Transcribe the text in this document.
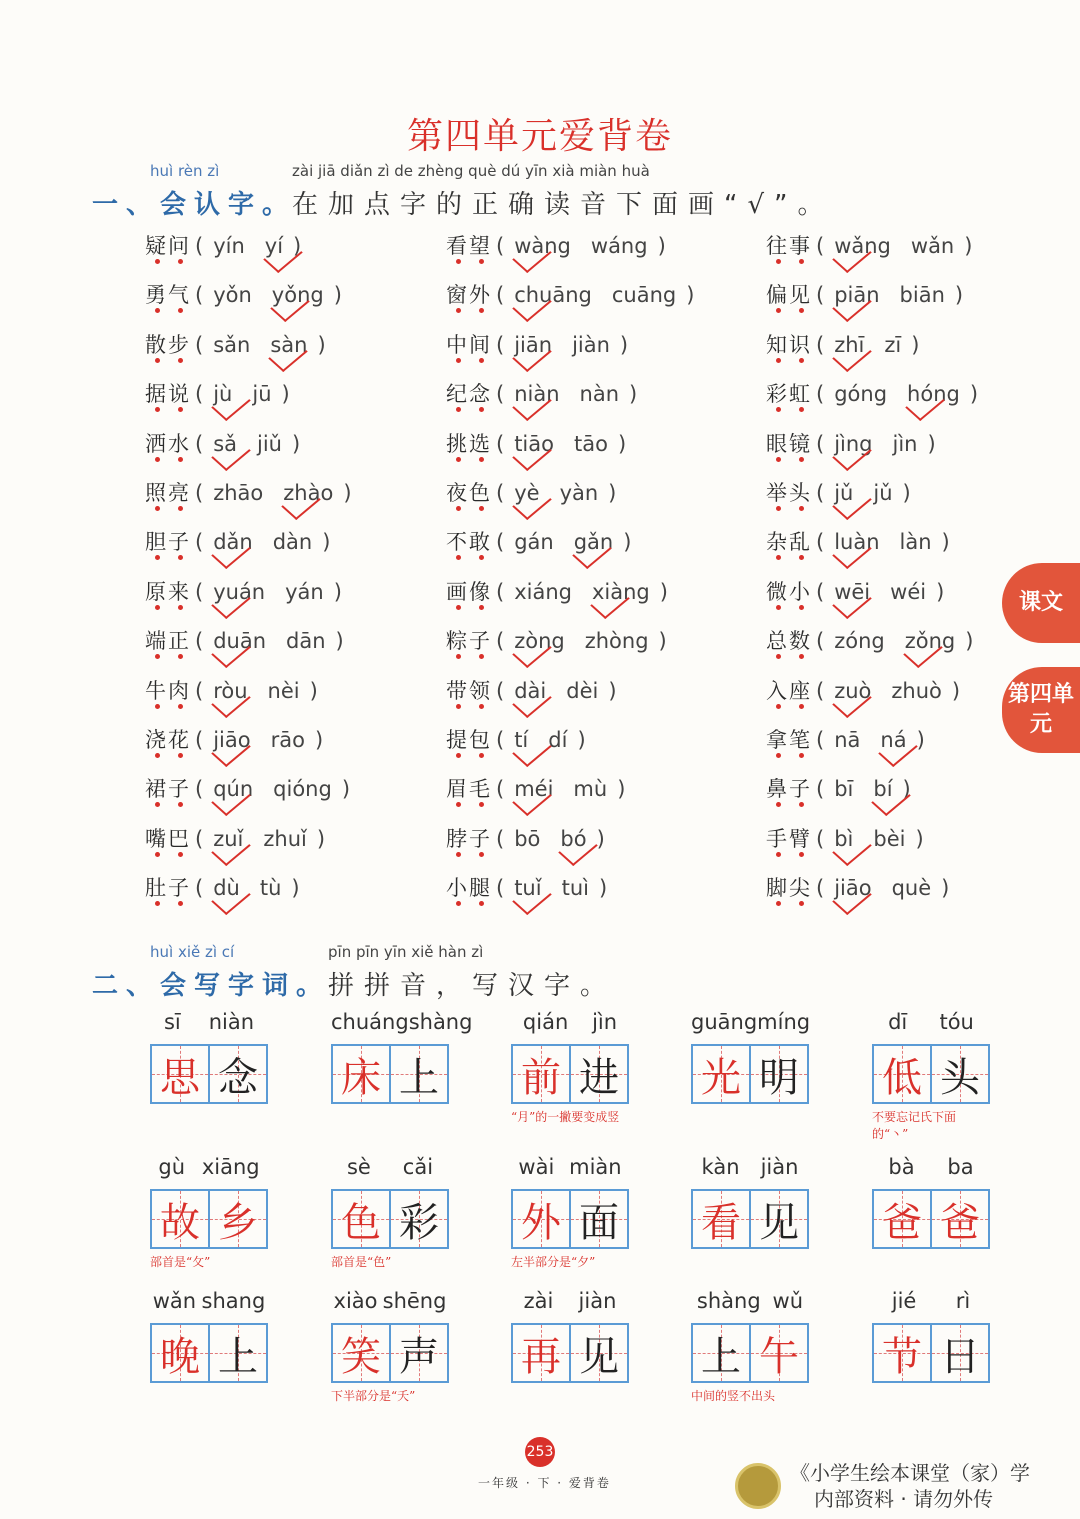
第四单元爱背卷
huì rèn zì	zài jiā diǎn zì de zhèng què dú yīn xià miàn huà
一、会认字。
在加点字的正确读音下面画“√”。
疑问 ( yín yí )
勇气 ( yǒn yǒng )
散步 ( sǎn sàn )
据说 ( jù jū )
洒水 ( sǎ jiǔ )
照亮 ( zhāo zhào )
胆子 ( dǎn dàn )
原来 ( yuán yán )
端正 ( duān dān )
牛肉 ( ròu nèi )
浇花 ( jiāo rāo )
裙子 ( qún qióng )
嘴巴 ( zuǐ zhuǐ )
肚子 ( dù tù )
看望 ( wàng wáng )
窗外 ( chuāng cuāng )
中间 ( jiān jiàn )
纪念 ( niàn nàn )
挑选 ( tiāo tāo )
夜色 ( yè yàn )
不敢 ( gán gǎn )
画像 ( xiáng xiàng )
粽子 ( zòng zhòng )
带领 ( dài dèi )
提包 ( tí dí )
眉毛 ( méi mù )
脖子 ( bō bó )
小腿 ( tuǐ tuì )
往事 ( wǎng wǎn )
偏见 ( piān biān )
知识 ( zhī zī )
彩虹 ( góng hóng )
眼镜 ( jìng jìn )
举头 ( jǔ jǔ )
杂乱 ( luàn làn )
微小 ( wēi wéi )
总数 ( zóng zǒng )
入座 ( zuò zhuò )
拿笔 ( nā ná )
鼻子 ( bī bí )
手臂 ( bì bèi )
脚尖 ( jiāo què )
huì xiě zì cí	pīn pīn yīn xiě hàn zì
二、会写字词。
拼拼音，写汉字。
sī niàn
思 念
chuáng shàng
床 上
qián jìn
前 进
“月”的一撇要变成竖
guāng míng
光 明
dī tóu
低 头
不要忘记氏下面的“丶”
gù xiāng
故 乡
部首是“攵”
sè cǎi
色 彩
部首是“色”
wài miàn
外 面
左半部分是“夕”
kàn jiàn
看 见
bà ba
爸 爸
wǎn shang
晚 上
xiào shēng
笑 声
下半部分是“夭”
zài jiàn
再 见
shàng wǔ
上 午
中间的竖不出头
jié rì
节 日
课文
第四单元
253
一年级 · 下 · 爱背卷	《小学生绘本课堂（家）学
内部资料 · 请勿外传
